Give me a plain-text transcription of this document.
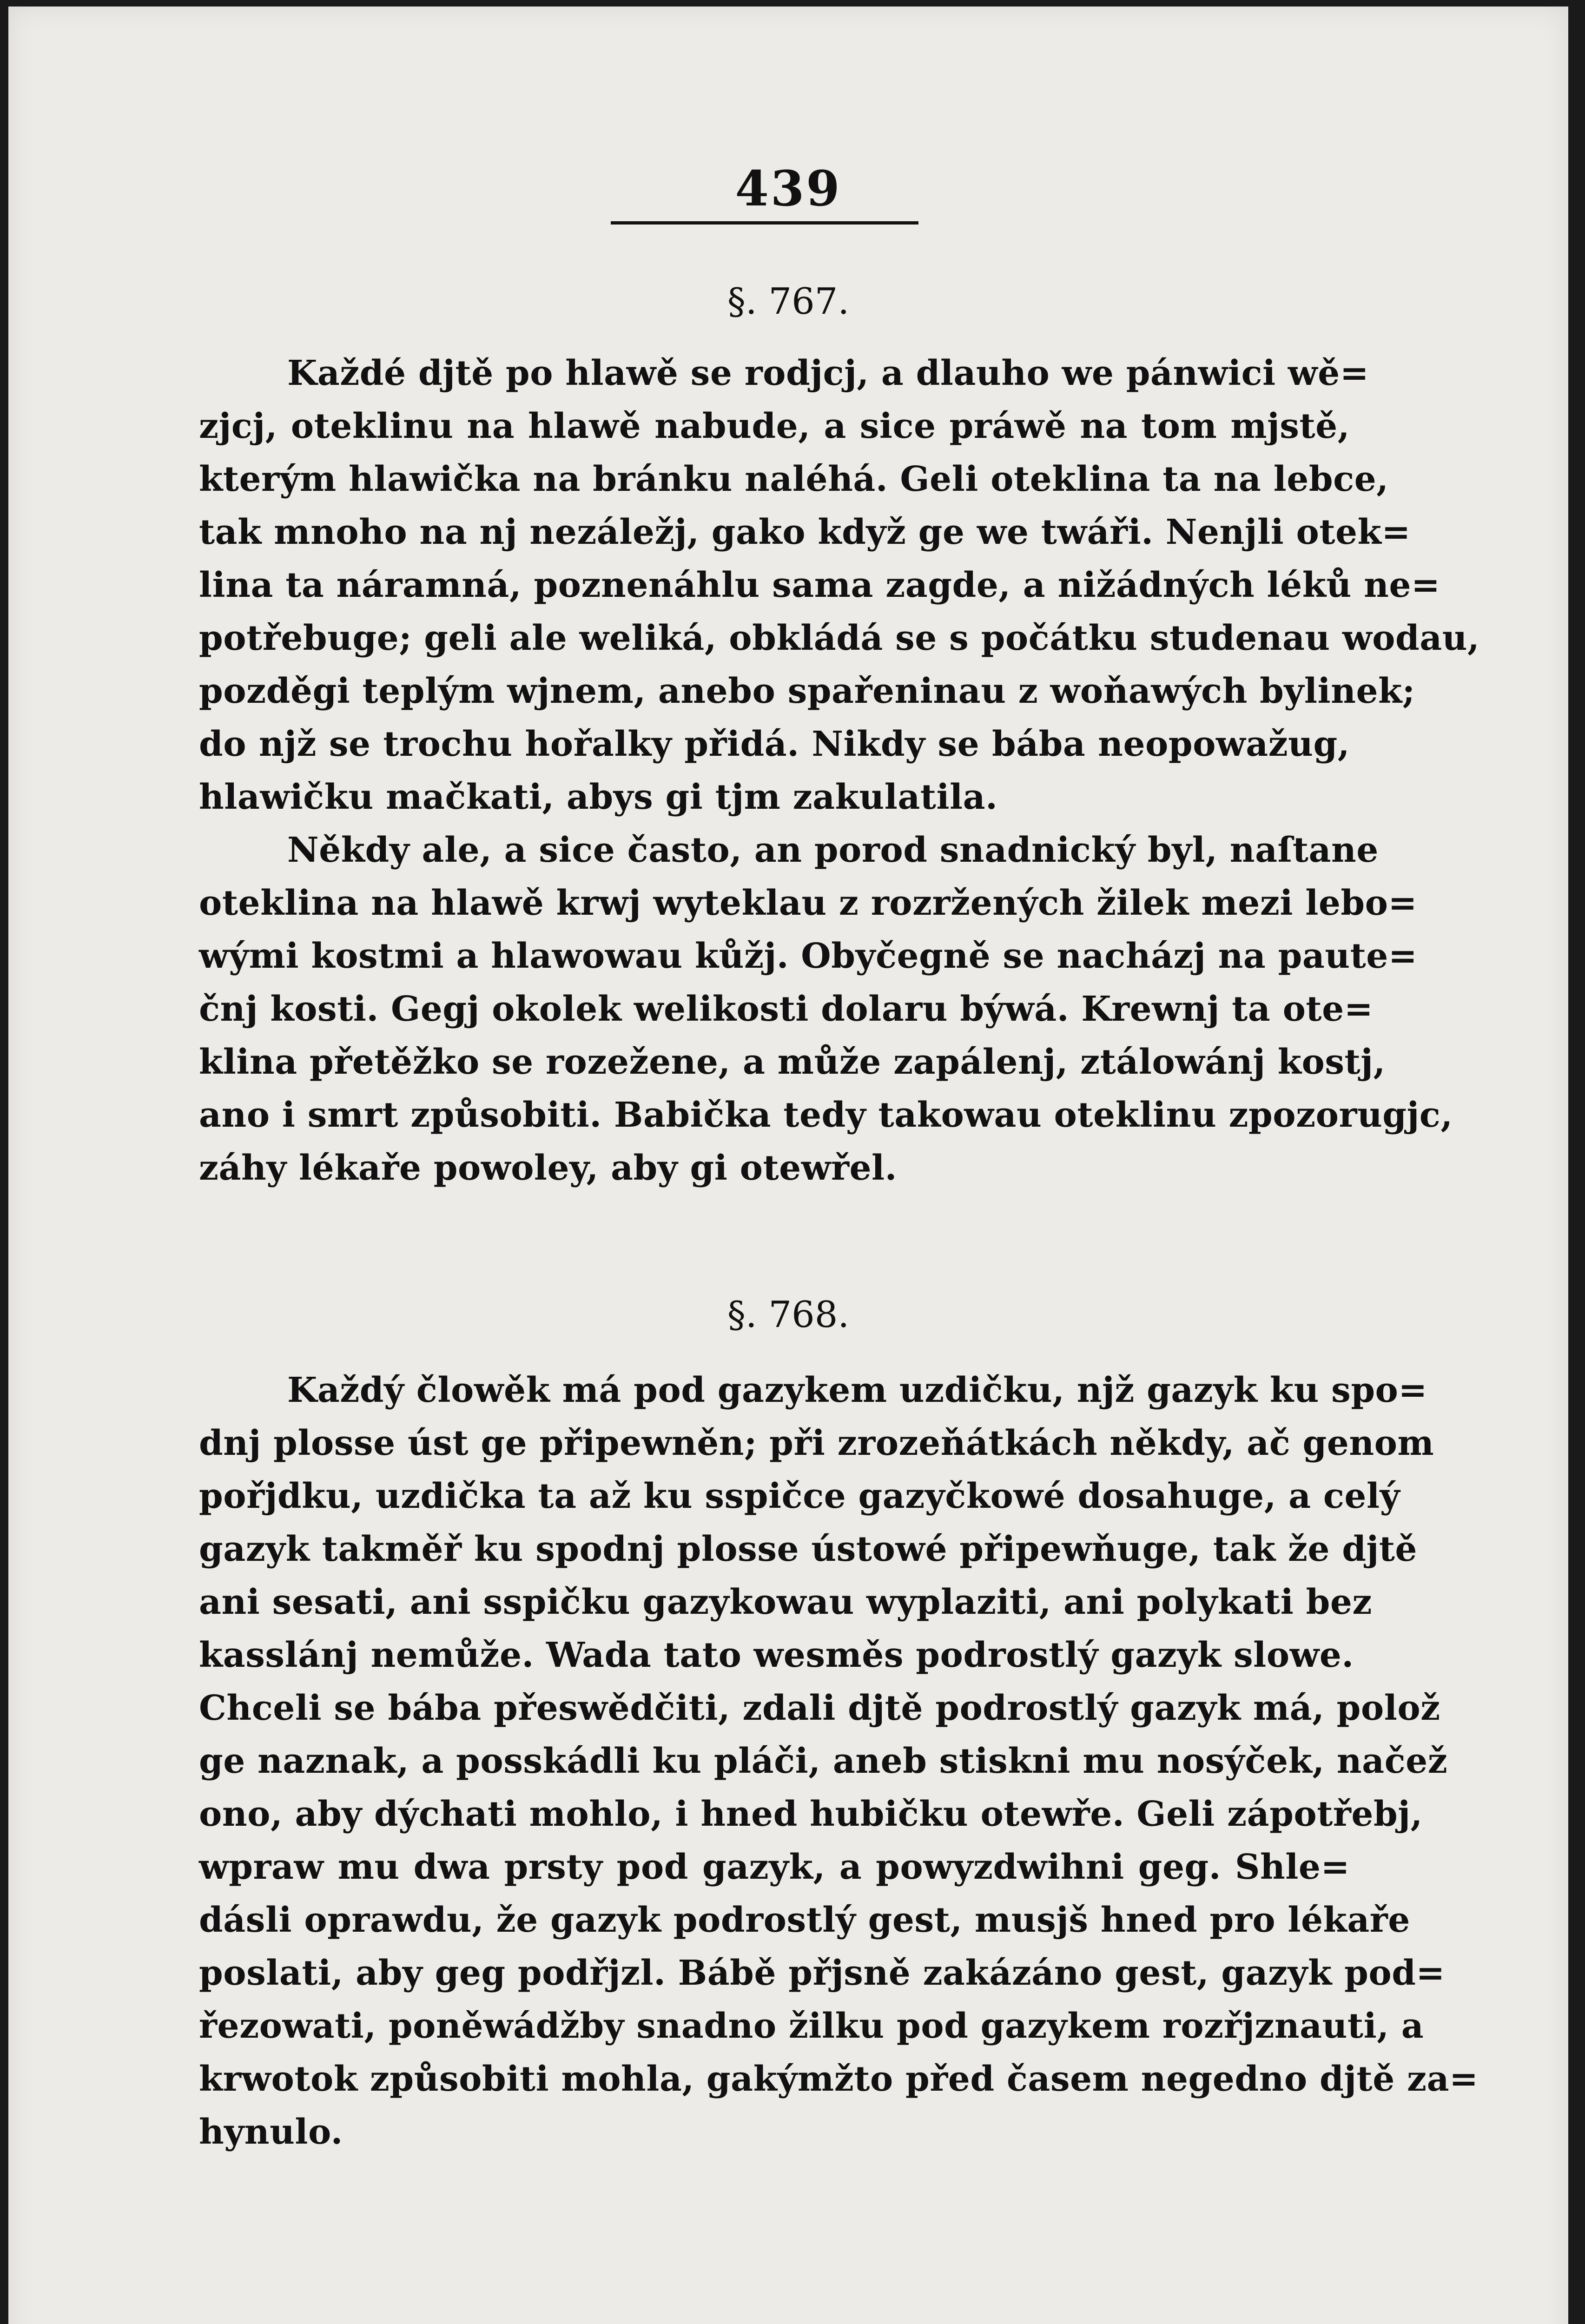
439
§. 767.
Každé djtě po hlawě se rodjcj, a dlauho we pánwici wě=
zjcj, oteklinu na hlawě nabude, a sice práwě na tom mjstě,
kterým hlawička na bránku naléhá. Geli oteklina ta na lebce,
tak mnoho na nj nezáležj, gako když ge we twáři. Nenjli otek=
lina ta náramná, poznenáhlu sama zagde, a nižádných léků ne=
potřebuge; geli ale weliká, obkládá se s počátku studenau wodau,
pozděgi teplým wjnem, anebo spařeninau z woňawých bylinek;
do njž se trochu hořalky přidá. Nikdy se bába neopowažug,
hlawičku mačkati, abys gi tjm zakulatila.
Někdy ale, a sice často, an porod snadnický byl, naſtane
oteklina na hlawě krwj wyteklau z rozržených žilek mezi lebo=
wými kostmi a hlawowau kůžj. Obyčegně se nacházj na paute=
čnj kosti. Gegj okolek welikosti dolaru býwá. Krewnj ta ote=
klina přetěžko se rozežene, a může zapálenj, ztálowánj kostj,
ano i smrt způsobiti. Babička tedy takowau oteklinu zpozorugjc,
záhy lékaře powoley, aby gi otewřel.
§. 768.
Každý člowěk má pod gazykem uzdičku, njž gazyk ku spo=
dnj plosse úst ge připewněn; při zrozeňátkách někdy, ač genom
pořjdku, uzdička ta až ku sspičce gazyčkowé dosahuge, a celý
gazyk takměř ku spodnj plosse ústowé připewňuge, tak že djtě
ani sesati, ani sspičku gazykowau wyplaziti, ani polykati bez
kasslánj nemůže. Wada tato wesměs podrostlý gazyk slowe.
Chceli se bába přeswědčiti, zdali djtě podrostlý gazyk má, polož
ge naznak, a posskádli ku pláči, aneb stiskni mu nosýček, načež
ono, aby dýchati mohlo, i hned hubičku otewře. Geli zápotřebj,
wpraw mu dwa prsty pod gazyk, a powyzdwihni geg. Shle=
dásli oprawdu, že gazyk podrostlý gest, musjš hned pro lékaře
poslati, aby geg podřjzl. Bábě přjsně zakázáno gest, gazyk pod=
řezowati, poněwádžby snadno žilku pod gazykem rozřjznauti, a
krwotok způsobiti mohla, gakýmžto před časem negedno djtě za=
hynulo.
